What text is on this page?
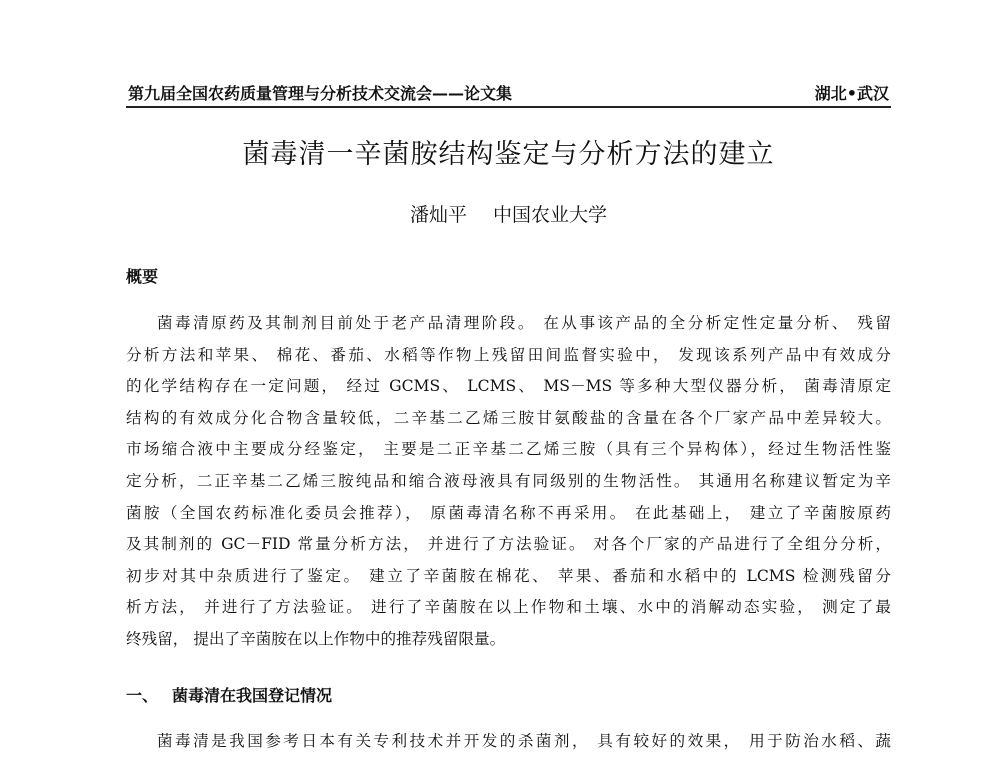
第九届全国农药质量管理与分析技术交流会——论文集	湖北•武汉
菌毒清一辛菌胺结构鉴定与分析方法的建立
潘灿平 中国农业大学
概要
菌毒清原药及其制剂目前处于老产品清理阶段。 在从事该产品的全分析定性定量分析、 残留
分析方法和苹果、 棉花、番茄、水稻等作物上残留田间监督实验中， 发现该系列产品中有效成分
的化学结构存在一定问题， 经过 GCMS、 LCMS、 MS－MS 等多种大型仪器分析， 菌毒清原定
结构的有效成分化合物含量较低，二辛基二乙烯三胺甘氨酸盐的含量在各个厂家产品中差异较大。
市场缩合液中主要成分经鉴定， 主要是二正辛基二乙烯三胺（具有三个异构体），经过生物活性鉴
定分析，二正辛基二乙烯三胺纯品和缩合液母液具有同级别的生物活性。 其通用名称建议暂定为辛
菌胺（全国农药标准化委员会推荐）， 原菌毒清名称不再采用。 在此基础上， 建立了辛菌胺原药
及其制剂的 GC－FID 常量分析方法， 并进行了方法验证。 对各个厂家的产品进行了全组分分析，
初步对其中杂质进行了鉴定。 建立了辛菌胺在棉花、 苹果、番茄和水稻中的 LCMS 检测残留分
析方法， 并进行了方法验证。 进行了辛菌胺在以上作物和土壤、水中的消解动态实验， 测定了最
终残留， 提出了辛菌胺在以上作物中的推荐残留限量。
一、 菌毒清在我国登记情况
菌毒清是我国参考日本有关专利技术并开发的杀菌剂， 具有较好的效果， 用于防治水稻、蔬
